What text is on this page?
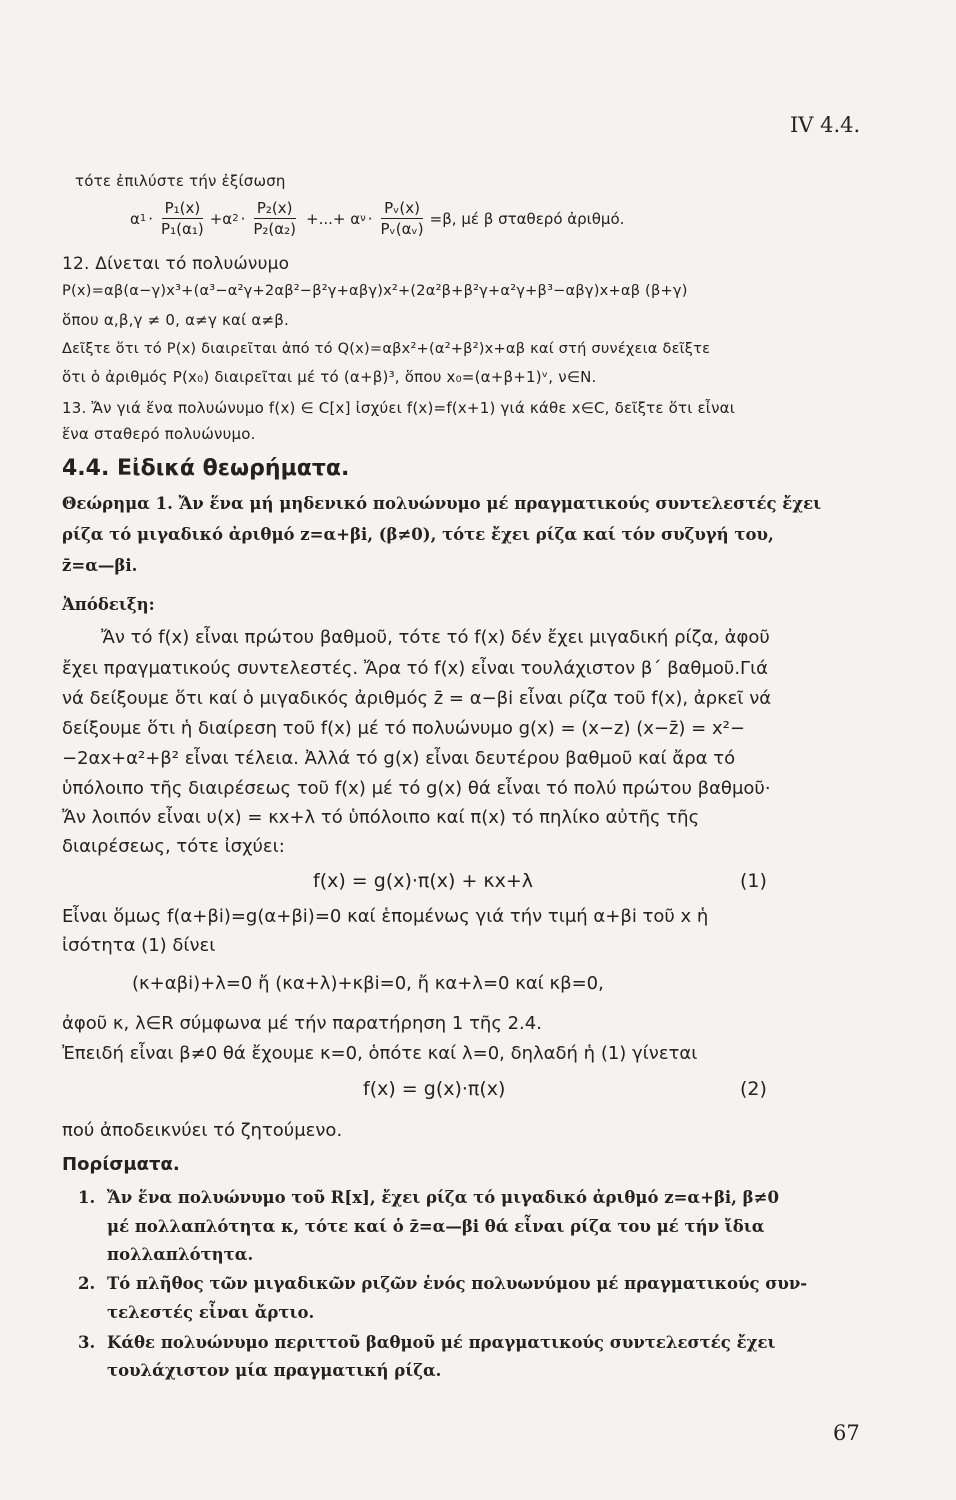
IV 4.4.
τότε ἐπιλύστε τήν ἐξίσωση
α $1 \cdot \frac{\text{P₁(x)}}{\text{P₁(α₁)}} +\alpha$ $2 \cdot \frac{\text{P₂(x)}}{\text{P₂(α₂)}}$ +...+ α $\nu \cdot \frac{\text{Pᵥ(x)}}{\text{Pᵥ(αᵥ)}} =\beta$, μέ β σταθερό ἀριθμό.
12. Δίνεται τό πολυώνυμο
P(x)=αβ(α−γ)x³+(α³−α²γ+2αβ²−β²γ+αβγ)x²+(2α²β+β²γ+α²γ+β³−αβγ)x+αβ (β+γ)
ὅπου α,β,γ ≠ 0, α≠γ καί α≠β.
Δεῖξτε ὅτι τό P(x) διαιρεῖται ἀπό τό Q(x)=αβx²+(α²+β²)x+αβ καί στή συνέχεια δεῖξτε
ὅτι ὁ ἀριθμός P(x₀) διαιρεῖται μέ τό (α+β)³, ὅπου x₀=(α+β+1)ᵛ, ν∈N.
13. Ἄν γιά ἕνα πολυώνυμο f(x) ∈ C[x] ἰσχύει f(x)=f(x+1) γιά κάθε x∈C, δεῖξτε ὅτι εἶναι
ἕνα σταθερό πολυώνυμο.
4.4. Εἰδικά θεωρήματα.
Θεώρημα 1. Ἄν ἕνα μή μηδενικό πολυώνυμο μέ πραγματικούς συντελεστές ἔχει
ρίζα τό μιγαδικό ἀριθμό z=α+βi, (β≠0), τότε ἔχει ρίζα καί τόν συζυγή του,
z̄=α—βi.
Ἀπόδειξη:
Ἄν τό f(x) εἶναι πρώτου βαθμοῦ, τότε τό f(x) δέν ἔχει μιγαδική ρίζα, ἀφοῦ
ἔχει πραγματικούς συντελεστές. Ἄρα τό f(x) εἶναι τουλάχιστον β΄ βαθμοῦ.Γιά
νά δείξουμε ὅτι καί ὁ μιγαδικός ἀριθμός z̄ = α−βi εἶναι ρίζα τοῦ f(x), ἀρκεῖ νά
δείξουμε ὅτι ἡ διαίρεση τοῦ f(x) μέ τό πολυώνυμο g(x) = (x−z) (x−z̄) = x²−
−2αx+α²+β² εἶναι τέλεια. Ἀλλά τό g(x) εἶναι δευτέρου βαθμοῦ καί ἄρα τό
ὑπόλοιπο τῆς διαιρέσεως τοῦ f(x) μέ τό g(x) θά εἶναι τό πολύ πρώτου βαθμοῦ·
Ἄν λοιπόν εἶναι υ(x) = κx+λ τό ὑπόλοιπο καί π(x) τό πηλίκο αὐτῆς τῆς
διαιρέσεως, τότε ἰσχύει:
f(x) = g(x)·π(x) + κx+λ	(1)
Εἶναι ὅμως f(α+βi)=g(α+βi)=0 καί ἑπομένως γιά τήν τιμή α+βi τοῦ x ἡ
ἰσότητα (1) δίνει
(κ+αβi)+λ=0 ἤ (κα+λ)+κβi=0, ἤ κα+λ=0 καί κβ=0,
ἀφοῦ κ, λ∈R σύμφωνα μέ τήν παρατήρηση 1 τῆς 2.4.
Ἐπειδή εἶναι β≠0 θά ἔχουμε κ=0, ὁπότε καί λ=0, δηλαδή ἡ (1) γίνεται
f(x) = g(x)·π(x)	(2)
πού ἀποδεικνύει τό ζητούμενο.
Πορίσματα.
1. Ἄν ἕνα πολυώνυμο τοῦ R[x], ἔχει ρίζα τό μιγαδικό ἀριθμό z=α+βi, β≠0
μέ πολλαπλότητα κ, τότε καί ὁ z̄=α—βi θά εἶναι ρίζα του μέ τήν ἴδια
πολλαπλότητα.
2. Τό πλῆθος τῶν μιγαδικῶν ριζῶν ἑνός πολυωνύμου μέ πραγματικούς συν-
τελεστές εἶναι ἄρτιο.
3. Κάθε πολυώνυμο περιττοῦ βαθμοῦ μέ πραγματικούς συντελεστές ἔχει
τουλάχιστον μία πραγματική ρίζα.
67
